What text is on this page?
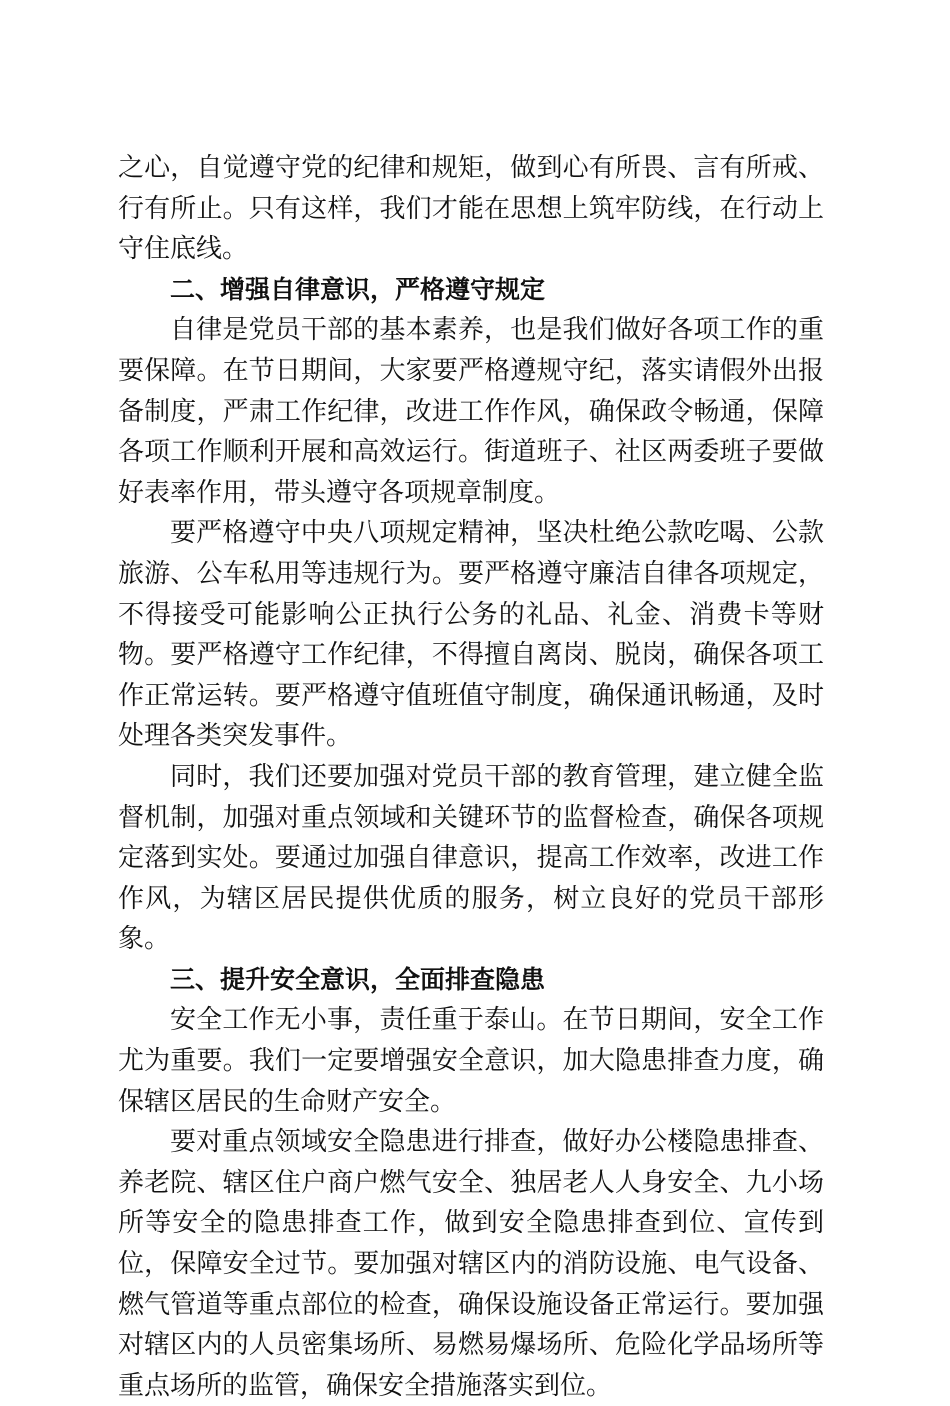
之心，自觉遵守党的纪律和规矩，做到心有所畏、言有所戒、行有所止。只有这样，我们才能在思想上筑牢防线，在行动上守住底线。

二、增强自律意识，严格遵守规定

自律是党员干部的基本素养，也是我们做好各项工作的重要保障。在节日期间，大家要严格遵规守纪，落实请假外出报备制度，严肃工作纪律，改进工作作风，确保政令畅通，保障各项工作顺利开展和高效运行。街道班子、社区两委班子要做好表率作用，带头遵守各项规章制度。

要严格遵守中央八项规定精神，坚决杜绝公款吃喝、公款旅游、公车私用等违规行为。要严格遵守廉洁自律各项规定，不得接受可能影响公正执行公务的礼品、礼金、消费卡等财物。要严格遵守工作纪律，不得擅自离岗、脱岗，确保各项工作正常运转。要严格遵守值班值守制度，确保通讯畅通，及时处理各类突发事件。

同时，我们还要加强对党员干部的教育管理，建立健全监督机制，加强对重点领域和关键环节的监督检查，确保各项规定落到实处。要通过加强自律意识，提高工作效率，改进工作作风，为辖区居民提供优质的服务，树立良好的党员干部形象。

三、提升安全意识，全面排查隐患

安全工作无小事，责任重于泰山。在节日期间，安全工作尤为重要。我们一定要增强安全意识，加大隐患排查力度，确保辖区居民的生命财产安全。

要对重点领域安全隐患进行排查，做好办公楼隐患排查、养老院、辖区住户商户燃气安全、独居老人人身安全、九小场所等安全的隐患排查工作，做到安全隐患排查到位、宣传到位，保障安全过节。要加强对辖区内的消防设施、电气设备、燃气管道等重点部位的检查，确保设施设备正常运行。要加强对辖区内的人员密集场所、易燃易爆场所、危险化学品场所等重点场所的监管，确保安全措施落实到位。
